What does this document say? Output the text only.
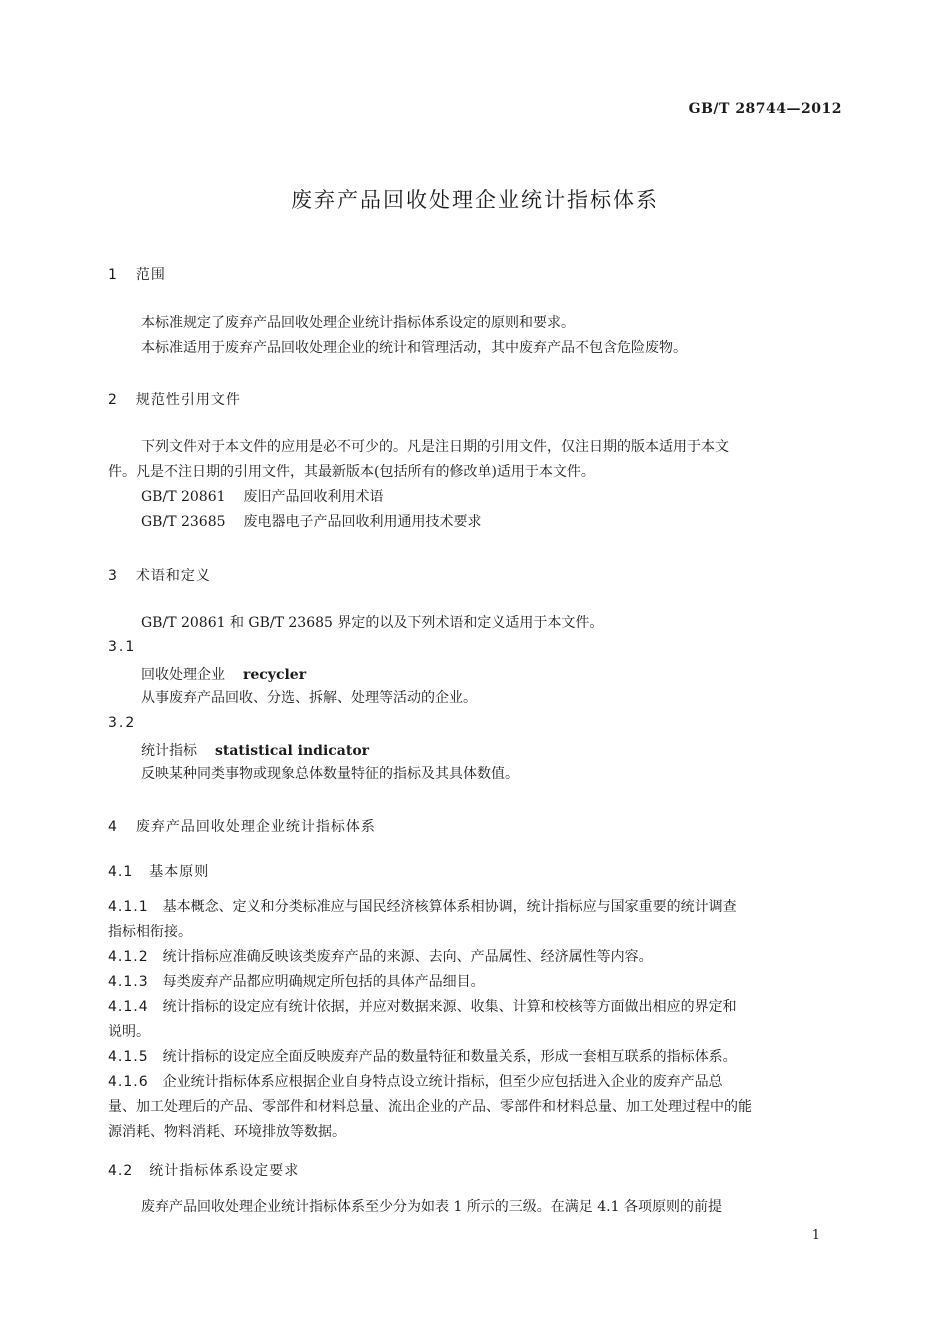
GB/T 28744—2012
废弃产品回收处理企业统计指标体系
1 范围
本标准规定了废弃产品回收处理企业统计指标体系设定的原则和要求。
本标准适用于废弃产品回收处理企业的统计和管理活动，其中废弃产品不包含危险废物。
2 规范性引用文件
下列文件对于本文件的应用是必不可少的。凡是注日期的引用文件，仅注日期的版本适用于本文
件。凡是不注日期的引用文件，其最新版本(包括所有的修改单)适用于本文件。
GB/T 20861 废旧产品回收利用术语
GB/T 23685 废电器电子产品回收利用通用技术要求
3 术语和定义
GB/T 20861 和 GB/T 23685 界定的以及下列术语和定义适用于本文件。
3.1
回收处理企业 recycler
从事废弃产品回收、分选、拆解、处理等活动的企业。
3.2
统计指标 statistical indicator
反映某种同类事物或现象总体数量特征的指标及其具体数值。
4 废弃产品回收处理企业统计指标体系
4.1 基本原则
4.1.1 基本概念、定义和分类标准应与国民经济核算体系相协调，统计指标应与国家重要的统计调查
指标相衔接。
4.1.2 统计指标应准确反映该类废弃产品的来源、去向、产品属性、经济属性等内容。
4.1.3 每类废弃产品都应明确规定所包括的具体产品细目。
4.1.4 统计指标的设定应有统计依据，并应对数据来源、收集、计算和校核等方面做出相应的界定和
说明。
4.1.5 统计指标的设定应全面反映废弃产品的数量特征和数量关系，形成一套相互联系的指标体系。
4.1.6 企业统计指标体系应根据企业自身特点设立统计指标，但至少应包括进入企业的废弃产品总
量、加工处理后的产品、零部件和材料总量、流出企业的产品、零部件和材料总量、加工处理过程中的能
源消耗、物料消耗、环境排放等数据。
4.2 统计指标体系设定要求
废弃产品回收处理企业统计指标体系至少分为如表 1 所示的三级。在满足 4.1 各项原则的前提
1
